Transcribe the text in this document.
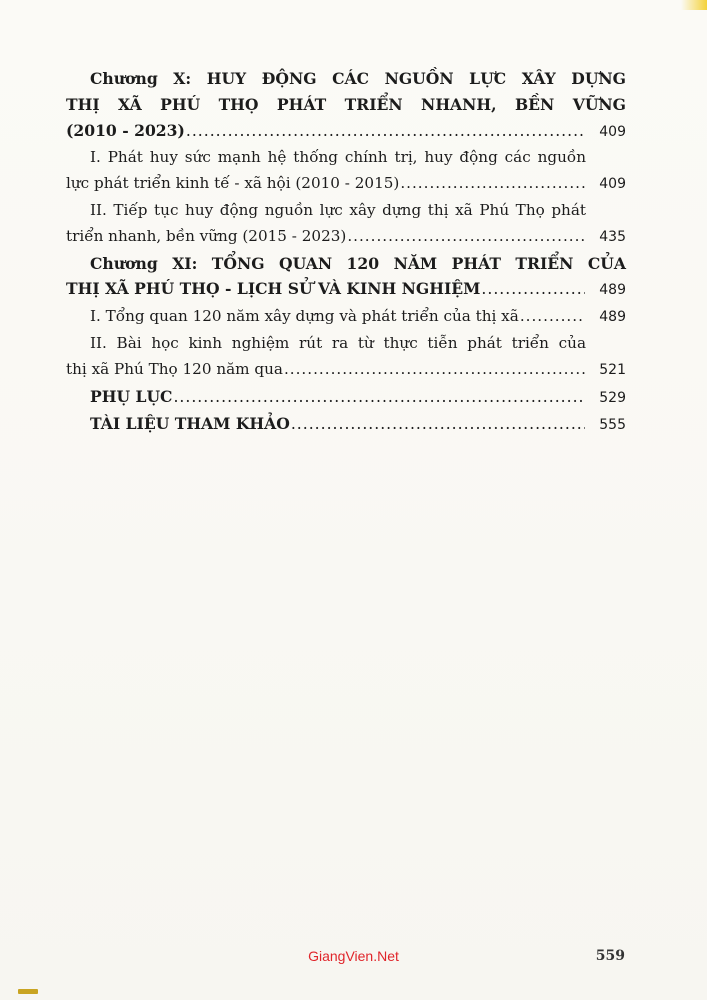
Chương X: HUY ĐỘNG CÁC NGUỒN LỰC XÂY DỰNG
THỊ XÃ PHÚ THỌ PHÁT TRIỂN NHANH, BỀN VỮNG
(2010 - 2023) .....	409
I. Phát huy sức mạnh hệ thống chính trị, huy động các nguồn
lực phát triển kinh tế - xã hội (2010 - 2015) .....	409
II. Tiếp tục huy động nguồn lực xây dựng thị xã Phú Thọ phát
triển nhanh, bền vững (2015 - 2023) .....	435
Chương XI: TỔNG QUAN 120 NĂM PHÁT TRIỂN CỦA
THỊ XÃ PHÚ THỌ - LỊCH SỬ VÀ KINH NGHIỆM .....	489
I. Tổng quan 120 năm xây dựng và phát triển của thị xã .....	489
II. Bài học kinh nghiệm rút ra từ thực tiễn phát triển của
thị xã Phú Thọ 120 năm qua .....	521
PHỤ LỤC .....	529
TÀI LIỆU THAM KHẢO .....	555
GiangVien.Net	559
